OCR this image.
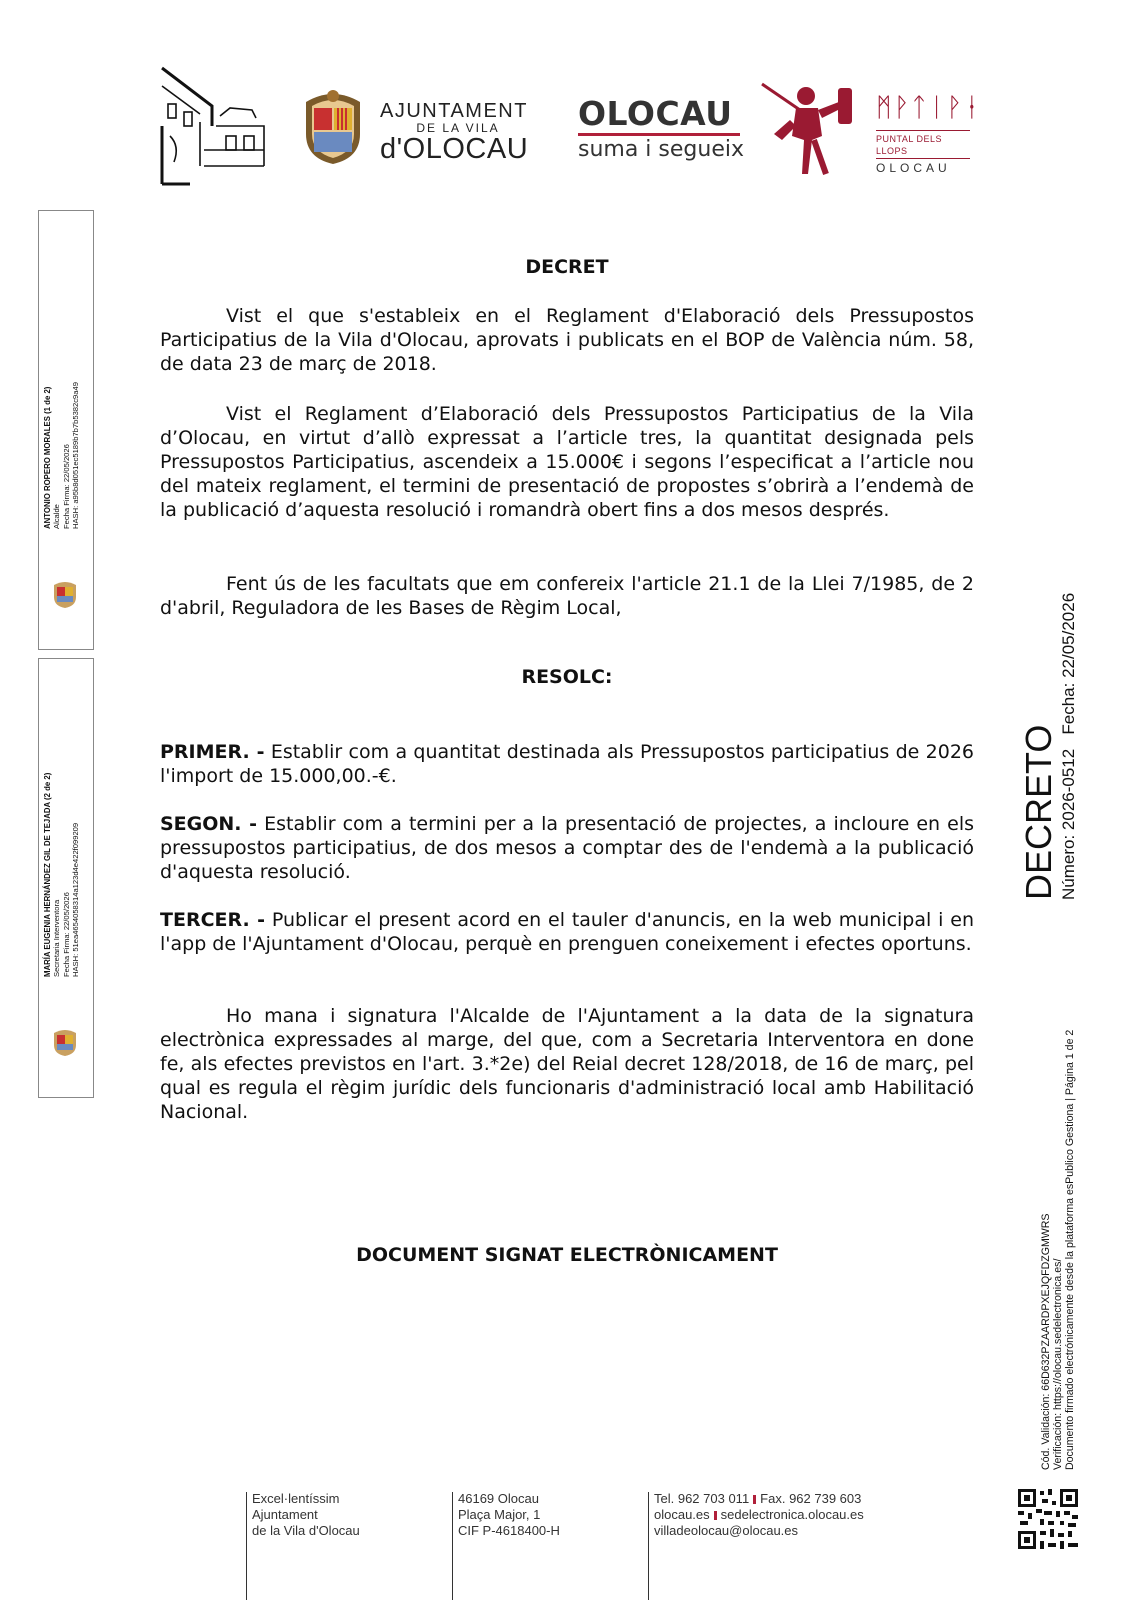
AJUNTAMENT
DE LA VILA
d'OLOCAU
OLOCAU
suma i segueix
ᛗᚹᛏᛁᚹᛂ
PUNTAL DELS LLOPS
OLOCAU
ANTONIO ROPERO MORALES (1 de 2)
Alcalde
Fecha Firma: 22/05/2026
HASH: a95b8d051ec5189b7b7b5382c9a49
MARÍA EUGENIA HERNÁNDEZ GIL DE TEJADA (2 de 2)
Secretaria Interventora
Fecha Firma: 22/05/2026
HASH: 51ea4654058314a123d4e422f099209	DECRETO Número: 2026-0512   Fecha: 22/05/2026
Cód. Validación: 66D632PZAARDPXEJQFDZGMWRS Verificación: https://olocau.sedelectronica.es/ Documento firmado electrónicamente desde la plataforma esPublico Gestiona | Página 1 de 2
DECRET
Vist el que s'estableix en el Reglament d'Elaboració dels Pressupostos Participatius de la Vila d'Olocau, aprovats i publicats en el BOP de València núm. 58, de data 23 de març de 2018.
Vist el Reglament d’Elaboració dels Pressupostos Participatius de la Vila d’Olocau, en virtut d’allò expressat a l’article tres, la quantitat designada pels Pressupostos Participatius, ascendeix a 15.000€ i segons l’especificat a l’article nou del mateix reglament, el termini de presentació de propostes s’obrirà a l’endemà de la publicació d’aquesta resolució i romandrà obert fins a dos mesos després.
Fent ús de les facultats que em confereix l'article 21.1 de la Llei 7/1985, de 2 d'abril, Reguladora de les Bases de Règim Local,
RESOLC:
PRIMER. - Establir com a quantitat destinada als Pressupostos participatius de 2026 l'import de 15.000,00.-€.
SEGON. - Establir com a termini per a la presentació de projectes, a incloure en els pressupostos participatius, de dos mesos a comptar des de l'endemà a la publicació d'aquesta resolució.
TERCER. - Publicar el present acord en el tauler d'anuncis, en la web municipal i en l'app de l'Ajuntament d'Olocau, perquè en prenguen coneixement i efectes oportuns.
Ho mana i signatura l'Alcalde de l'Ajuntament a la data de la signatura electrònica expressades al marge, del que, com a Secretaria Interventora en done fe, als efectes previstos en l'art. 3.*2e) del Reial decret 128/2018, de 16 de març, pel qual es regula el règim jurídic dels funcionaris d'administració local amb Habilitació Nacional.
DOCUMENT SIGNAT ELECTRÒNICAMENT
Excel·lentíssim
Ajuntament
de la Vila d'Olocau
46169 Olocau
Plaça Major, 1
CIF P-4618400-H
Tel. 962 703 011 Fax. 962 739 603
olocau.es sedelectronica.olocau.es
villadeolocau@olocau.es
